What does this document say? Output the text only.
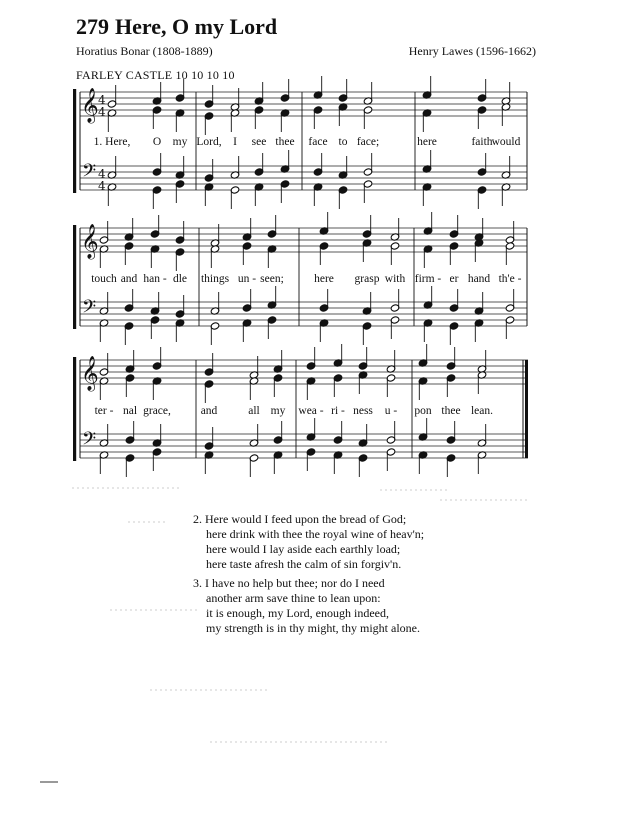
279 Here, O my Lord
Horatius Bonar (1808-1889)	Henry Lawes (1596-1662)
FARLEY CASTLE 10 10 10 10
𝄞
𝄢
4
4
4
4
𝄞
𝄢
𝄞
𝄢
1. Here, O my Lord, I see thee face to face;	here	faith would
touch and han - dle things un - seen;	here grasp with firm - er hand th'e -
ter - nal grace,	and	all my wea - ri - ness u - pon thee lean.
2. Here would I feed upon the bread of God;
here drink with thee the royal wine of heav'n;
here would I lay aside each earthly load;
here taste afresh the calm of sin forgiv'n.
3. I have no help but thee; nor do I need
another arm save thine to lean upon:
it is enough, my Lord, enough indeed,
my strength is in thy might, thy might alone.
